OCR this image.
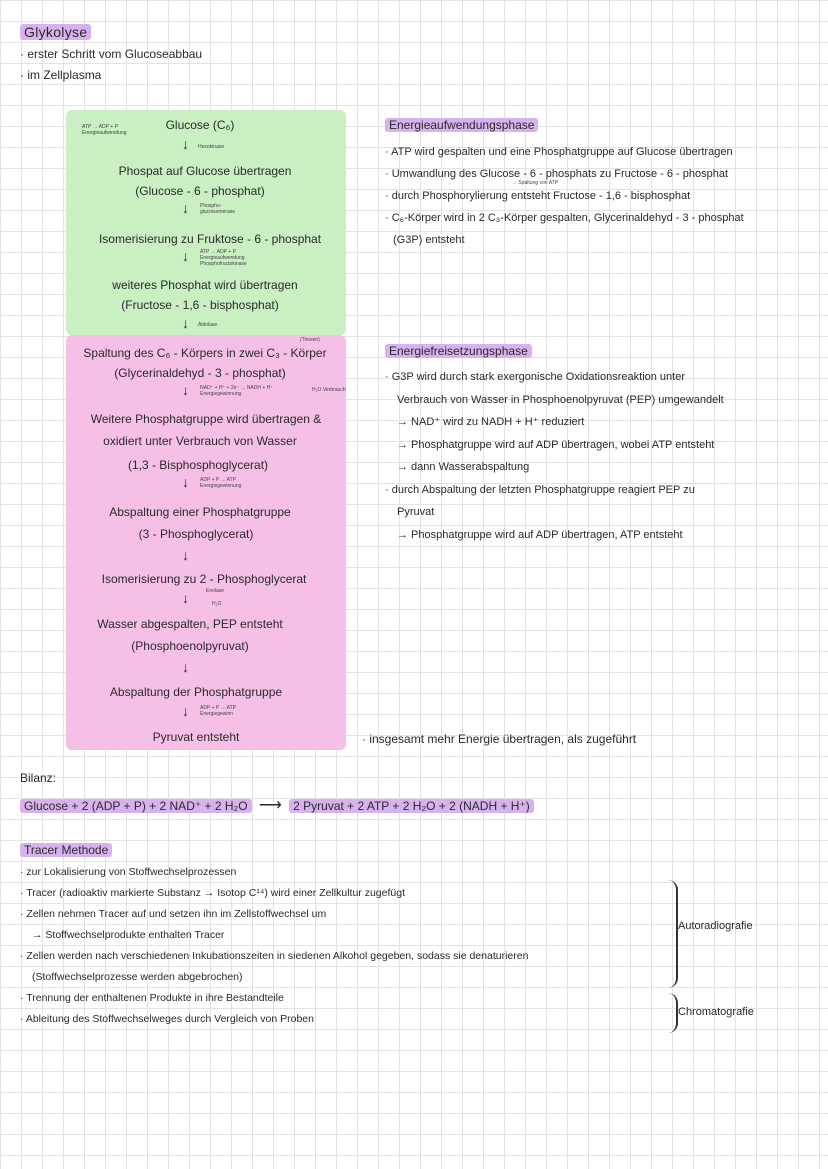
Glykolyse
· erster Schritt vom Glucoseabbau
· im Zellplasma
ATP → ADP + P
Energieaufwendung
Glucose (C₆)
↓ Hexokinase
Phospat auf Glucose übertragen
(Glucose - 6 - phosphat)
↓ Phospho-
glucoisomerase
Isomerisierung zu Fruktose - 6 - phosphat
↓ ATP → ADP + P
Energieaufwendung
Phosphofructokinase
weiteres Phosphat wird übertragen
(Fructose - 1,6 - bisphosphat)
↓ Aldolase
(Triosen)
Spaltung des C₆ - Körpers in zwei C₃ - Körper
(Glycerinaldehyd - 3 - phosphat)
↓ NAD⁺ + H⁺ + 2e⁻ → NADH + H⁺
Energiegewinnung
H₂O Verbrauch
Weitere Phosphatgruppe wird übertragen &
oxidiert unter Verbrauch von Wasser
(1,3 - Bisphosphoglycerat)
↓ ADP + P → ATP
Energiegewinnung
Abspaltung einer Phosphatgruppe
(3 - Phosphoglycerat)
↓
Isomerisierung zu 2 - Phosphoglycerat
↓	Enolase
H₂O
Wasser abgespalten, PEP entsteht
(Phosphoenolpyruvat)
↓
Abspaltung der Phosphatgruppe
↓ ADP + P → ATP
Energiegewinn
Pyruvat entsteht
Energieaufwendungsphase
→ Spaltung von ATP
· ATP wird gespalten und eine Phosphatgruppe auf Glucose übertragen
· Umwandlung des Glucose - 6 - phosphats zu Fructose - 6 - phosphat
· durch Phosphorylierung entsteht Fructose - 1,6 - bisphosphat
· C₆-Körper wird in 2 C₃-Körper gespalten, Glycerinaldehyd - 3 - phosphat
(G3P) entsteht
Energiefreisetzungsphase
· G3P wird durch stark exergonische Oxidationsreaktion unter
Verbrauch von Wasser in Phosphoenolpyruvat (PEP) umgewandelt
→ NAD⁺ wird zu NADH + H⁺ reduziert
→ Phosphatgruppe wird auf ADP übertragen, wobei ATP entsteht
→ dann Wasserabspaltung
· durch Abspaltung der letzten Phosphatgruppe reagiert PEP zu
Pyruvat
→ Phosphatgruppe wird auf ADP übertragen, ATP entsteht
· insgesamt mehr Energie übertragen, als zugeführt
Bilanz:
Glucose + 2 (ADP + P) + 2 NAD⁺ + 2 H₂O ⟶ 2 Pyruvat + 2 ATP + 2 H₂O + 2 (NADH + H⁺)
Tracer Methode
· zur Lokalisierung von Stoffwechselprozessen
· Tracer (radioaktiv markierte Substanz → Isotop C¹⁴) wird einer Zellkultur zugefügt
· Zellen nehmen Tracer auf und setzen ihn im Zellstoffwechsel um
→ Stoffwechselprodukte enthalten Tracer
· Zellen werden nach verschiedenen Inkubationszeiten in siedenen Alkohol gegeben, sodass sie denaturieren
(Stoffwechselprozesse werden abgebrochen)
· Trennung der enthaltenen Produkte in ihre Bestandteile
· Ableitung des Stoffwechselweges durch Vergleich von Proben
Autoradiografie
Chromatografie
